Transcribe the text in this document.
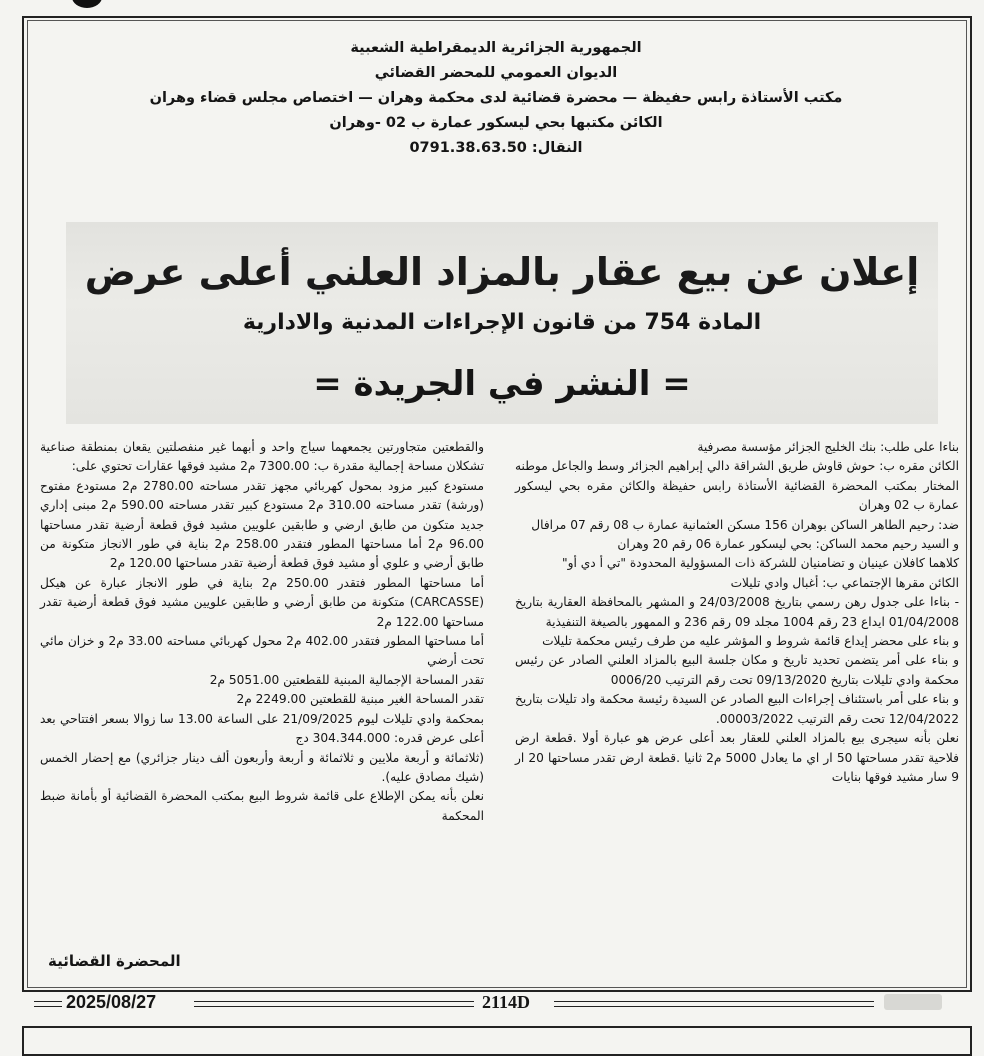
الجمهورية الجزائرية الديمقراطية الشعبية
الديوان العمومي للمحضر القضائي
مكتب الأستاذة رابس حفيظة — محضرة قضائية لدى محكمة وهران — اختصاص مجلس قضاء وهران
الكائن مكتبها بحي ليسكور عمارة ب 02 -وهران
النقال: 0791.38.63.50
إعلان عن بيع عقار بالمزاد العلني أعلى عرض
المادة 754 من قانون الإجراءات المدنية والادارية
= النشر في الجريدة =

بناءا على طلب: بنك الخليج الجزائر مؤسسة مصرفية

الكائن مقره ب: حوش قاوش طريق الشراقة دالي إبراهيم الجزائر وسط والجاعل موطنه المختار بمكتب المحضرة القضائية الأستاذة رابس حفيظة والكائن مقره بحي ليسكور عمارة ب 02 وهران

ضد: رحيم الطاهر الساكن بوهران 156 مسكن العثمانية عمارة ب 08 رقم 07 مرافال

و السيد رحيم محمد الساكن: بحي ليسكور عمارة 06 رقم 20 وهران

كلاهما كافلان عينيان و تضامنيان للشركة ذات المسؤولية المحدودة "تي أ دي أو"

الكائن مقرها الإجتماعي ب: أغبال وادي تليلات

- بناءا على جدول رهن رسمي بتاريخ 24/03/2008 و المشهر بالمحافظة العقارية بتاريخ 01/04/2008 ايداع 23 رقم 1004 مجلد 09 رقم 236 و الممهور بالصيغة التنفيذية

و بناء على محضر إيداع قائمة شروط و المؤشر عليه من طرف رئيس محكمة تليلات

و بناء على أمر يتضمن تحديد تاريخ و مكان جلسة البيع بالمزاد العلني الصادر عن رئيس محكمة وادي تليلات بتاريخ 09/13/2020 تحت رقم الترتيب 0006/20

و بناء على أمر باستئناف إجراءات البيع الصادر عن السيدة رئيسة محكمة واد تليلات بتاريخ 12/04/2022 تحت رقم الترتيب 00003/2022.

نعلن بأنه سيجرى بيع بالمزاد العلني للعقار بعد أعلى عرض هو عبارة أولا .قطعة ارض فلاحية تقدر مساحتها 50 ار اي ما يعادل 5000 م2 ثانيا .قطعة ارض تقدر مساحتها 20 ار 9 سار مشيد فوقها بنايات

والقطعتين متجاورتين يجمعهما سياج واحد و أبهما غير منفصلتين يقعان بمنطقة صناعية تشكلان مساحة إجمالية مقدرة ب: 7300.00 م2 مشيد فوقها عقارات تحتوي على:

مستودع كبير مزود بمحول كهربائي مجهز تقدر مساحته 2780.00 م2 مستودع مفتوح (ورشة) تقدر مساحته 310.00 م2 مستودع كبير تقدر مساحته 590.00 م2 مبنى إداري جديد متكون من طابق ارضي و طابقين علويين مشيد فوق قطعة أرضية تقدر مساحتها 96.00 م2 أما مساحتها المطور فتقدر 258.00 م2 بناية في طور الانجاز متكونة من طابق أرضي و علوي أو مشيد فوق قطعة أرضية تقدر مساحتها 120.00 م2

أما مساحتها المطور فتقدر 250.00 م2 بناية في طور الانجاز عبارة عن هيكل (CARCASSE) متكونة من طابق أرضي و طابقين علويين مشيد فوق قطعة أرضية تقدر مساحتها 122.00 م2

أما مساحتها المطور فتقدر 402.00 م2 محول كهربائي مساحته 33.00 م2 و خزان مائي تحت أرضي

تقدر المساحة الإجمالية المبنية للقطعتين 5051.00 م2

تقدر المساحة الغير مبنية للقطعتين 2249.00 م2

بمحكمة وادي تليلات ليوم 21/09/2025 على الساعة 13.00 سا زوالا بسعر افتتاحي بعد أعلى عرض قدره: 304.344.000 دج

(ثلاثمائة و أربعة ملايين و ثلاثمائة و أربعة وأربعون ألف دينار جزائري) مع إحضار الخمس (شيك مصادق عليه).

نعلن بأنه يمكن الإطلاع على قائمة شروط البيع بمكتب المحضرة القضائية أو بأمانة ضبط المحكمة

المحضرة القضائية
2025/08/27	2114D
